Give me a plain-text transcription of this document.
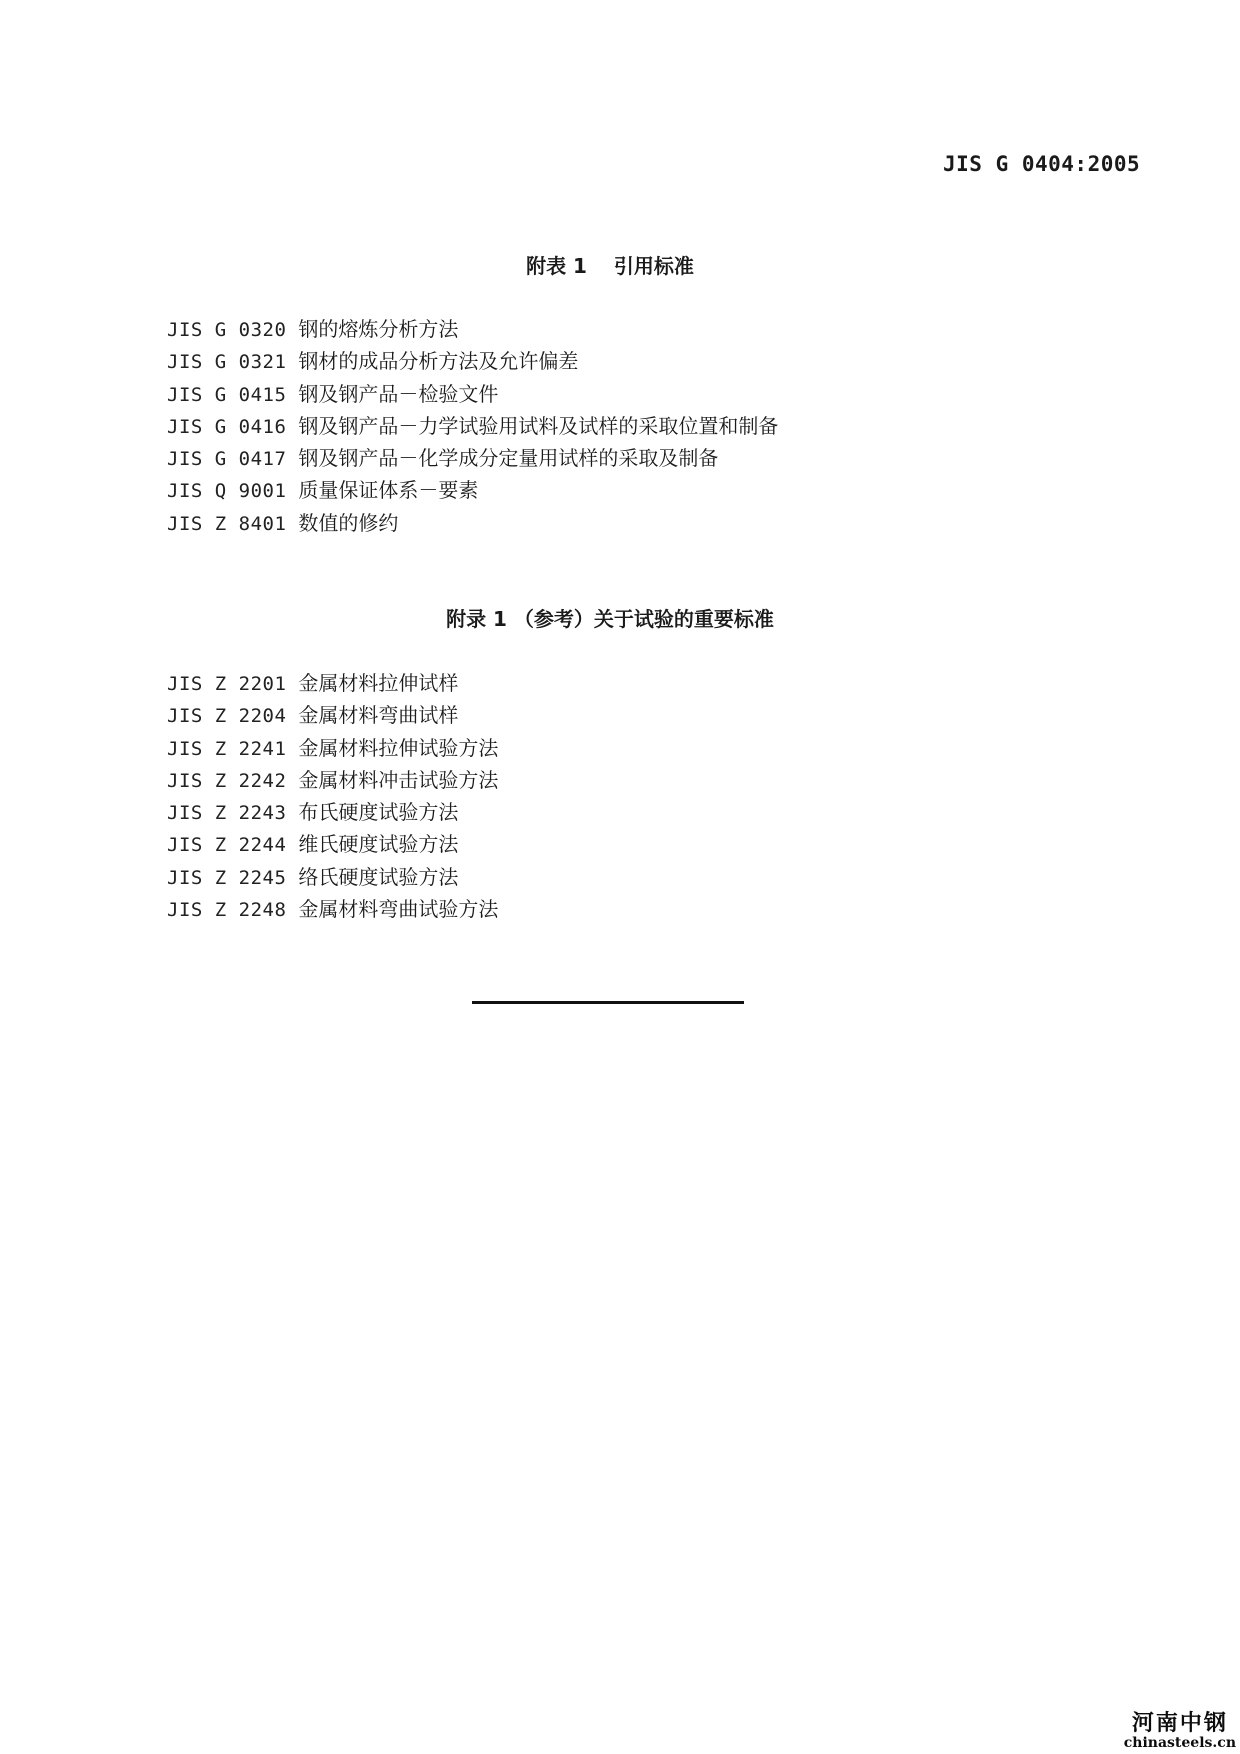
JIS G 0404:2005
附表 1　 引用标准
JIS G 0320 钢的熔炼分析方法
JIS G 0321 钢材的成品分析方法及允许偏差
JIS G 0415 钢及钢产品－检验文件
JIS G 0416 钢及钢产品－力学试验用试料及试样的采取位置和制备
JIS G 0417 钢及钢产品－化学成分定量用试样的采取及制备
JIS Q 9001 质量保证体系－要素
JIS Z 8401 数值的修约
附录 1 （参考）关于试验的重要标准
JIS Z 2201 金属材料拉伸试样
JIS Z 2204 金属材料弯曲试样
JIS Z 2241 金属材料拉伸试验方法
JIS Z 2242 金属材料冲击试验方法
JIS Z 2243 布氏硬度试验方法
JIS Z 2244 维氏硬度试验方法
JIS Z 2245 络氏硬度试验方法
JIS Z 2248 金属材料弯曲试验方法
河南中钢
chinasteels.cn
